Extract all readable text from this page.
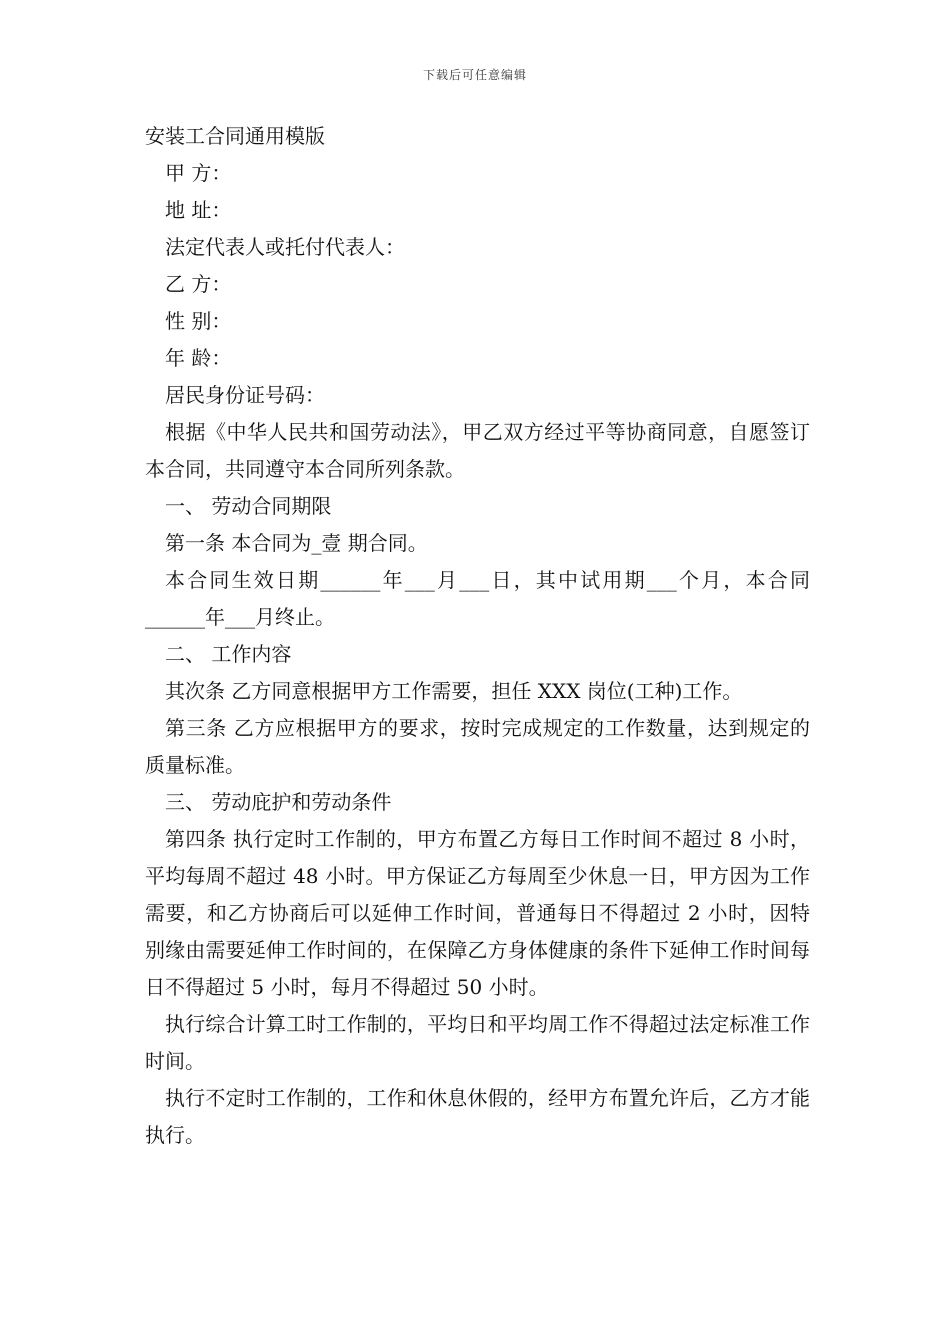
下载后可任意编辑
安装工合同通用模版

甲 方：

地 址：

法定代表人或托付代表人：

乙 方：

性 别：

年 龄：

居民身份证号码：

根据《中华人民共和国劳动法》，甲乙双方经过平等协商同意，自愿签订本合同，共同遵守本合同所列条款。

一、 劳动合同期限

第一条 本合同为_壹 期合同。

本合同生效日期______年___月___日，其中试用期___个月，本合同______年___月终止。

二、 工作内容

其次条 乙方同意根据甲方工作需要，担任 XXX 岗位(工种)工作。

第三条 乙方应根据甲方的要求，按时完成规定的工作数量，达到规定的质量标准。

三、 劳动庇护和劳动条件

第四条 执行定时工作制的，甲方布置乙方每日工作时间不超过 8 小时，平均每周不超过 48 小时。甲方保证乙方每周至少休息一日，甲方因为工作需要，和乙方协商后可以延伸工作时间，普通每日不得超过 2 小时，因特别缘由需要延伸工作时间的，在保障乙方身体健康的条件下延伸工作时间每日不得超过 5 小时，每月不得超过 50 小时。

执行综合计算工时工作制的，平均日和平均周工作不得超过法定标准工作时间。

执行不定时工作制的，工作和休息休假的，经甲方布置允许后，乙方才能执行。
